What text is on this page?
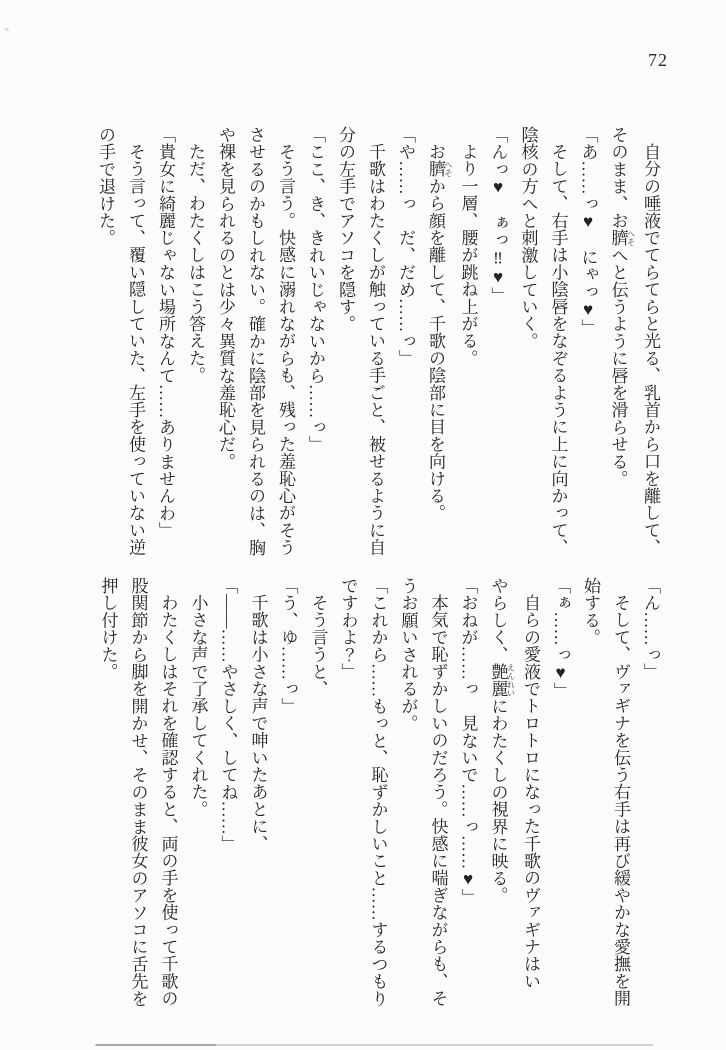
72

自分の唾液でてらてらと光る、乳首から口を離して、

そのまま、お臍 へそへと伝うように唇を滑らせる。

「あ……っ♥　にゃっ♥」

そして、右手は小陰唇をなぞるように上に向かって、

陰核の方へと刺激していく。

「んっ♥　ぁっ‼♥」

より一層、腰が跳ね上がる。

お臍 へそから顔を離して、千歌の陰部に目を向ける。

「や……っ　だ、だめ……っ」

千歌はわたくしが触っている手ごと、被せるように自

分の左手でアソコを隠す。

「ここ、き、きれいじゃないから……っ」

そう言う。快感に溺れながらも、残った羞恥心がそう

させるのかもしれない。確かに陰部を見られるのは、胸

や裸を見られるのとは少々異質な羞恥心だ。

ただ、わたくしはこう答えた。

「貴女に綺麗じゃない場所なんて……ありませんわ」

そう言って、覆い隠していた、左手を使っていない逆

の手で退けた。

「ん……っ」

そして、ヴァギナを伝う右手は再び緩やかな愛撫を開

始する。

「ぁ……っ♥」

自らの愛液でトロトロになった千歌のヴァギナはい

やらしく、艶麗 えんれいにわたくしの視界に映る。

「おねが……っ　見ないで……っ……♥」

本気で恥ずかしいのだろう。快感に喘ぎながらも、そ

うお願いされるが。

「これから……もっと、恥ずかしいこと……するつもり

ですわよ？」

そう言うと、

「う、ゆ……っ」

千歌は小さな声で呻いたあとに、

「――……やさしく、してね……」

小さな声で了承してくれた。

わたくしはそれを確認すると、両の手を使って千歌の

股関節から脚を開かせ、そのまま彼女のアソコに舌先を

押し付けた。
